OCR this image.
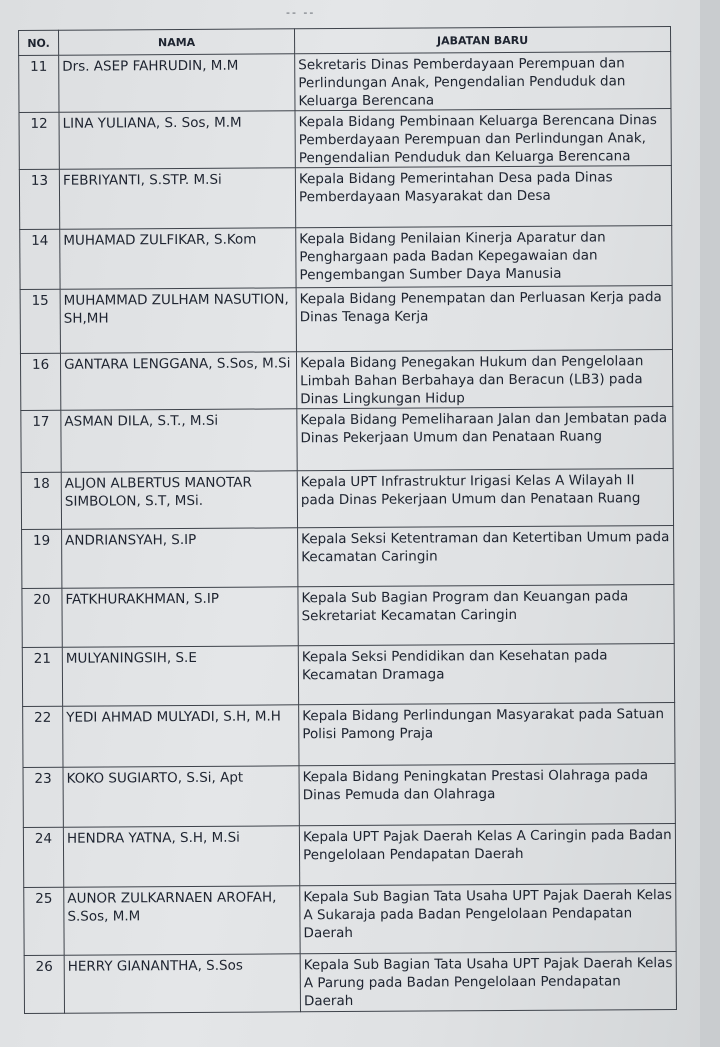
-- --
NO.	NAMA	JABATAN BARU
11	Drs. ASEP FAHRUDIN, M.M	Sekretaris Dinas Pemberdayaan Perempuan dan Perlindungan Anak, Pengendalian Penduduk dan Keluarga Berencana
12	LINA YULIANA, S. Sos, M.M	Kepala Bidang Pembinaan Keluarga Berencana Dinas Pemberdayaan Perempuan dan Perlindungan Anak, Pengendalian Penduduk dan Keluarga Berencana
13	FEBRIYANTI, S.STP. M.Si	Kepala Bidang Pemerintahan Desa pada Dinas Pemberdayaan Masyarakat dan Desa
14	MUHAMAD ZULFIKAR, S.Kom	Kepala Bidang Penilaian Kinerja Aparatur dan Penghargaan pada Badan Kepegawaian dan Pengembangan Sumber Daya Manusia
15	MUHAMMAD ZULHAM NASUTION, SH,MH	Kepala Bidang Penempatan dan Perluasan Kerja pada Dinas Tenaga Kerja
16	GANTARA LENGGANA, S.Sos, M.Si	Kepala Bidang Penegakan Hukum dan Pengelolaan Limbah Bahan Berbahaya dan Beracun (LB3) pada Dinas Lingkungan Hidup
17	ASMAN DILA, S.T., M.Si	Kepala Bidang Pemeliharaan Jalan dan Jembatan pada Dinas Pekerjaan Umum dan Penataan Ruang
18	ALJON ALBERTUS MANOTAR SIMBOLON, S.T, MSi.	Kepala UPT Infrastruktur Irigasi Kelas A Wilayah II pada Dinas Pekerjaan Umum dan Penataan Ruang
19	ANDRIANSYAH, S.IP	Kepala Seksi Ketentraman dan Ketertiban Umum pada Kecamatan Caringin
20	FATKHURAKHMAN, S.IP	Kepala Sub Bagian Program dan Keuangan pada Sekretariat Kecamatan Caringin
21	MULYANINGSIH, S.E	Kepala Seksi Pendidikan dan Kesehatan pada Kecamatan Dramaga
22	YEDI AHMAD MULYADI, S.H, M.H	Kepala Bidang Perlindungan Masyarakat pada Satuan Polisi Pamong Praja
23	KOKO SUGIARTO, S.Si, Apt	Kepala Bidang Peningkatan Prestasi Olahraga pada Dinas Pemuda dan Olahraga
24	HENDRA YATNA, S.H, M.Si	Kepala UPT Pajak Daerah Kelas A Caringin pada Badan Pengelolaan Pendapatan Daerah
25	AUNOR ZULKARNAEN AROFAH, S.Sos, M.M	Kepala Sub Bagian Tata Usaha UPT Pajak Daerah Kelas A Sukaraja pada Badan Pengelolaan Pendapatan Daerah
26	HERRY GIANANTHA, S.Sos	Kepala Sub Bagian Tata Usaha UPT Pajak Daerah Kelas A Parung pada Badan Pengelolaan Pendapatan Daerah
